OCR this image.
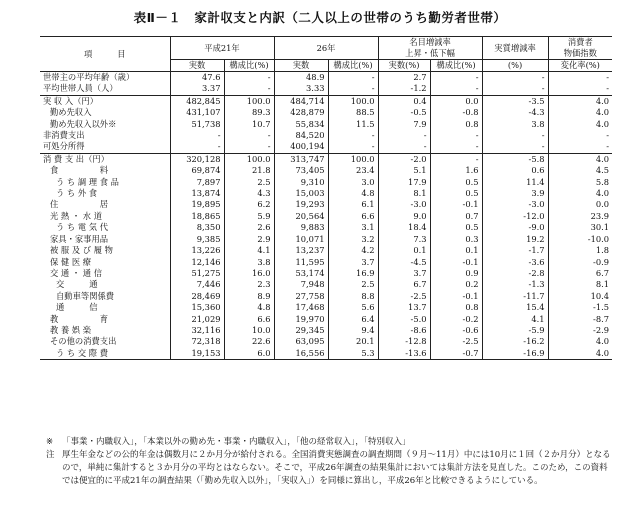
表Ⅱ－１　家計収支と内訳（二人以上の世帯のうち勤労者世帯）
項　　　目	平成21年		26年		名目増減率
上昇・低下幅		実質増減率	消費者
物価指数
	実数	構成比(%)	実数	構成比(%)	実数(%)	構成比(%)	(%)	変化率(%)
世帯主の平均年齢（歳）	47.6	-	48.9	-	2.7	-	-	-
平均世帯人員（人）	3.37	-	3.33	-	-1.2	-	-	-
実 収 入（円）	482,845	100.0	484,714	100.0	0.4	0.0	-3.5	4.0
勤め先収入	431,107	89.3	428,879	88.5	-0.5	-0.8	-4.3	4.0
勤め先収入以外※	51,738	10.7	55,834	11.5	7.9	0.8	3.8	4.0
非消費支出	-	-	84,520	-	-	-	-	-
可処分所得	-	-	400,194	-	-	-	-	-
消 費 支 出（円）	320,128	100.0	313,747	100.0	-2.0	-	-5.8	4.0
食　　　　　料	69,874	21.8	73,405	23.4	5.1	1.6	0.6	4.5
う ち 調 理 食 品	7,897	2.5	9,310	3.0	17.9	0.5	11.4	5.8
う ち 外 食	13,874	4.3	15,003	4.8	8.1	0.5	3.9	4.0
住　　　　　居	19,895	6.2	19,293	6.1	-3.0	-0.1	-3.0	0.0
光 熱 ・ 水 道	18,865	5.9	20,564	6.6	9.0	0.7	-12.0	23.9
う ち 電 気 代	8,350	2.6	9,883	3.1	18.4	0.5	-9.0	30.1
家具・家事用品	9,385	2.9	10,071	3.2	7.3	0.3	19.2	-10.0
被 服 及 び 履 物	13,226	4.1	13,237	4.2	0.1	0.1	-1.7	1.8
保 健 医 療	12,146	3.8	11,595	3.7	-4.5	-0.1	-3.6	-0.9
交 通 ・ 通 信	51,275	16.0	53,174	16.9	3.7	0.9	-2.8	6.7
交　　　通	7,446	2.3	7,948	2.5	6.7	0.2	-1.3	8.1
自動車等関係費	28,469	8.9	27,758	8.8	-2.5	-0.1	-11.7	10.4
通　　　信	15,360	4.8	17,468	5.6	13.7	0.8	15.4	-1.5
教　　　　　育	21,029	6.6	19,970	6.4	-5.0	-0.2	4.1	-8.7
教 養 娯 楽	32,116	10.0	29,345	9.4	-8.6	-0.6	-5.9	-2.9
その他の消費支出	72,318	22.6	63,095	20.1	-12.8	-2.5	-16.2	4.0
う ち 交 際 費	19,153	6.0	16,556	5.3	-13.6	-0.7	-16.9	4.0
※	「事業・内職収入」，「本業以外の勤め先・事業・内職収入」，「他の経常収入」，「特別収入」
注 厚生年金などの公的年金は偶数月に２か月分が給付される。全国消費実態調査の調査期間（９月～11月）中には10月に１回（２か月分）となるので，単純に集計すると３か月分の平均とはならない。そこで，平成26年調査の結果集計においては集計方法を見直した。このため，この資料では便宜的に平成21年の調査結果（「勤め先収入以外」，「実収入」）を同様に算出し，平成26年と比較できるようにしている。
